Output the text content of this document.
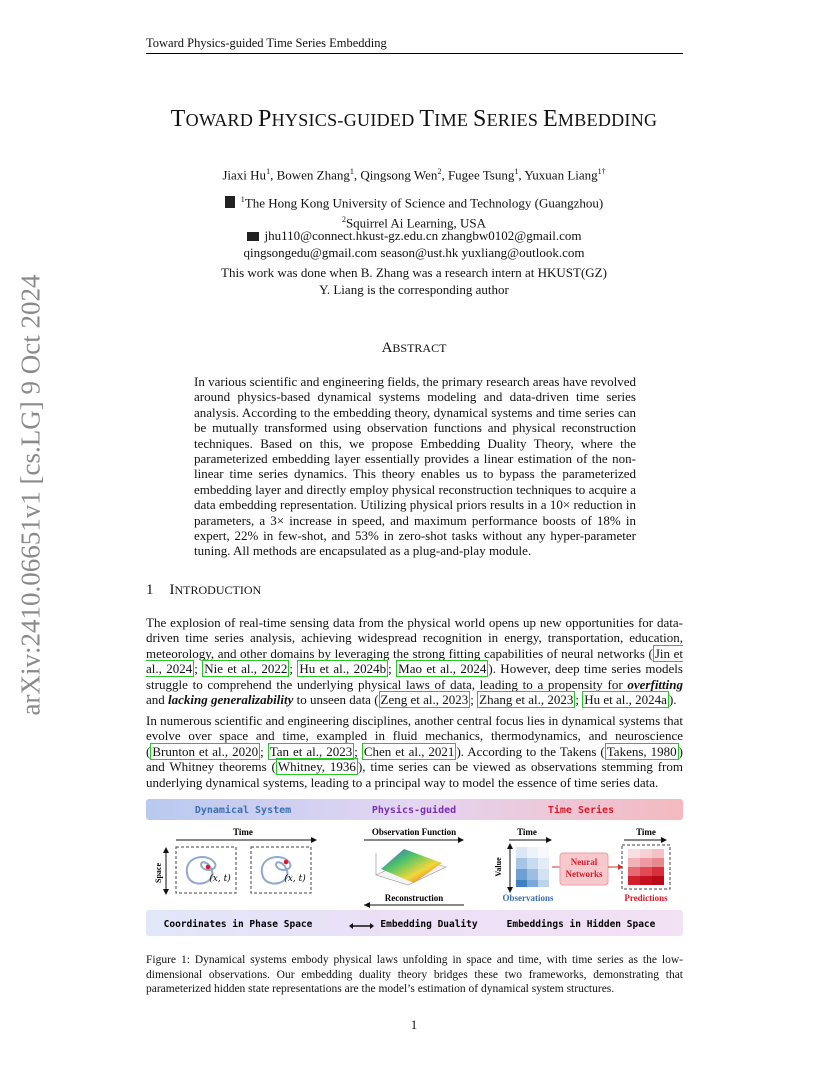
Toward Physics-guided Time Series Embedding
arXiv:2410.06651v1 [cs.LG] 9 Oct 2024
TOWARD PHYSICS-GUIDED TIME SERIES EMBEDDING
Jiaxi Hu$^1$, Bowen Zhang$^1$, Qingsong Wen$^2$, Fugee Tsung$^1$, Yuxuan Liang$^{1\dagger}$
$^1$The Hong Kong University of Science and Technology (Guangzhou)
$^2$Squirrel Ai Learning, USA
jhu110@connect.hkust-gz.edu.cn zhangbw0102@gmail.com
qingsongedu@gmail.com season@ust.hk yuxliang@outlook.com
This work was done when B. Zhang was a research intern at HKUST(GZ)
Y. Liang is the corresponding author
ABSTRACT
In various scientific and engineering fields, the primary research areas have revolved around physics-based dynamical systems modeling and data-driven time series analysis. According to the embedding theory, dynamical systems and time series can be mutually transformed using observation functions and physical reconstruction techniques. Based on this, we propose Embedding Duality Theory, where the parameterized embedding layer essentially provides a linear estimation of the non-linear time series dynamics. This theory enables us to bypass the parameterized embedding layer and directly employ physical reconstruction techniques to acquire a data embedding representation. Utilizing physical priors results in a 10× reduction in parameters, a 3× increase in speed, and maximum performance boosts of 18% in expert, 22% in few-shot, and 53% in zero-shot tasks without any hyper-parameter tuning. All methods are encapsulated as a plug-and-play module.
1 INTRODUCTION
The explosion of real-time sensing data from the physical world opens up new opportunities for data-driven time series analysis, achieving widespread recognition in energy, transportation, education, meteorology, and other domains by leveraging the strong fitting capabilities of neural networks ( Jin et al., 2024 ; Nie et al., 2022 ; Hu et al., 2024b ; Mao et al., 2024 ). However, deep time series models struggle to comprehend the underlying physical laws of data, leading to a propensity for overfitting and lacking generalizability to unseen data ( Zeng et al., 2023 ; Zhang et al., 2023 ; Hu et al., 2024a ).
In numerous scientific and engineering disciplines, another central focus lies in dynamical systems that evolve over space and time, exampled in fluid mechanics, thermodynamics, and neuroscience ( Brunton et al., 2020 ; Tan et al., 2023 ; Chen et al., 2021 ). According to the Takens ( Takens, 1980 ) and Whitney theorems ( Whitney, 1936 ), time series can be viewed as observations stemming from underlying dynamical systems, leading to a principal way to model the essence of time series data.
Dynamical System	Physics-guided	Time Series
Time
Space	(x, t)	(x, t)
Observation Function
Reconstruction
Time	Time
Value	Neural
Networks
Observations	Predictions
Coordinates in Phase Space	Embedding Duality	Embeddings in Hidden Space
Figure 1: Dynamical systems embody physical laws unfolding in space and time, with time series as the low-dimensional observations. Our embedding duality theory bridges these two frameworks, demonstrating that parameterized hidden state representations are the model’s estimation of dynamical system structures.
1
